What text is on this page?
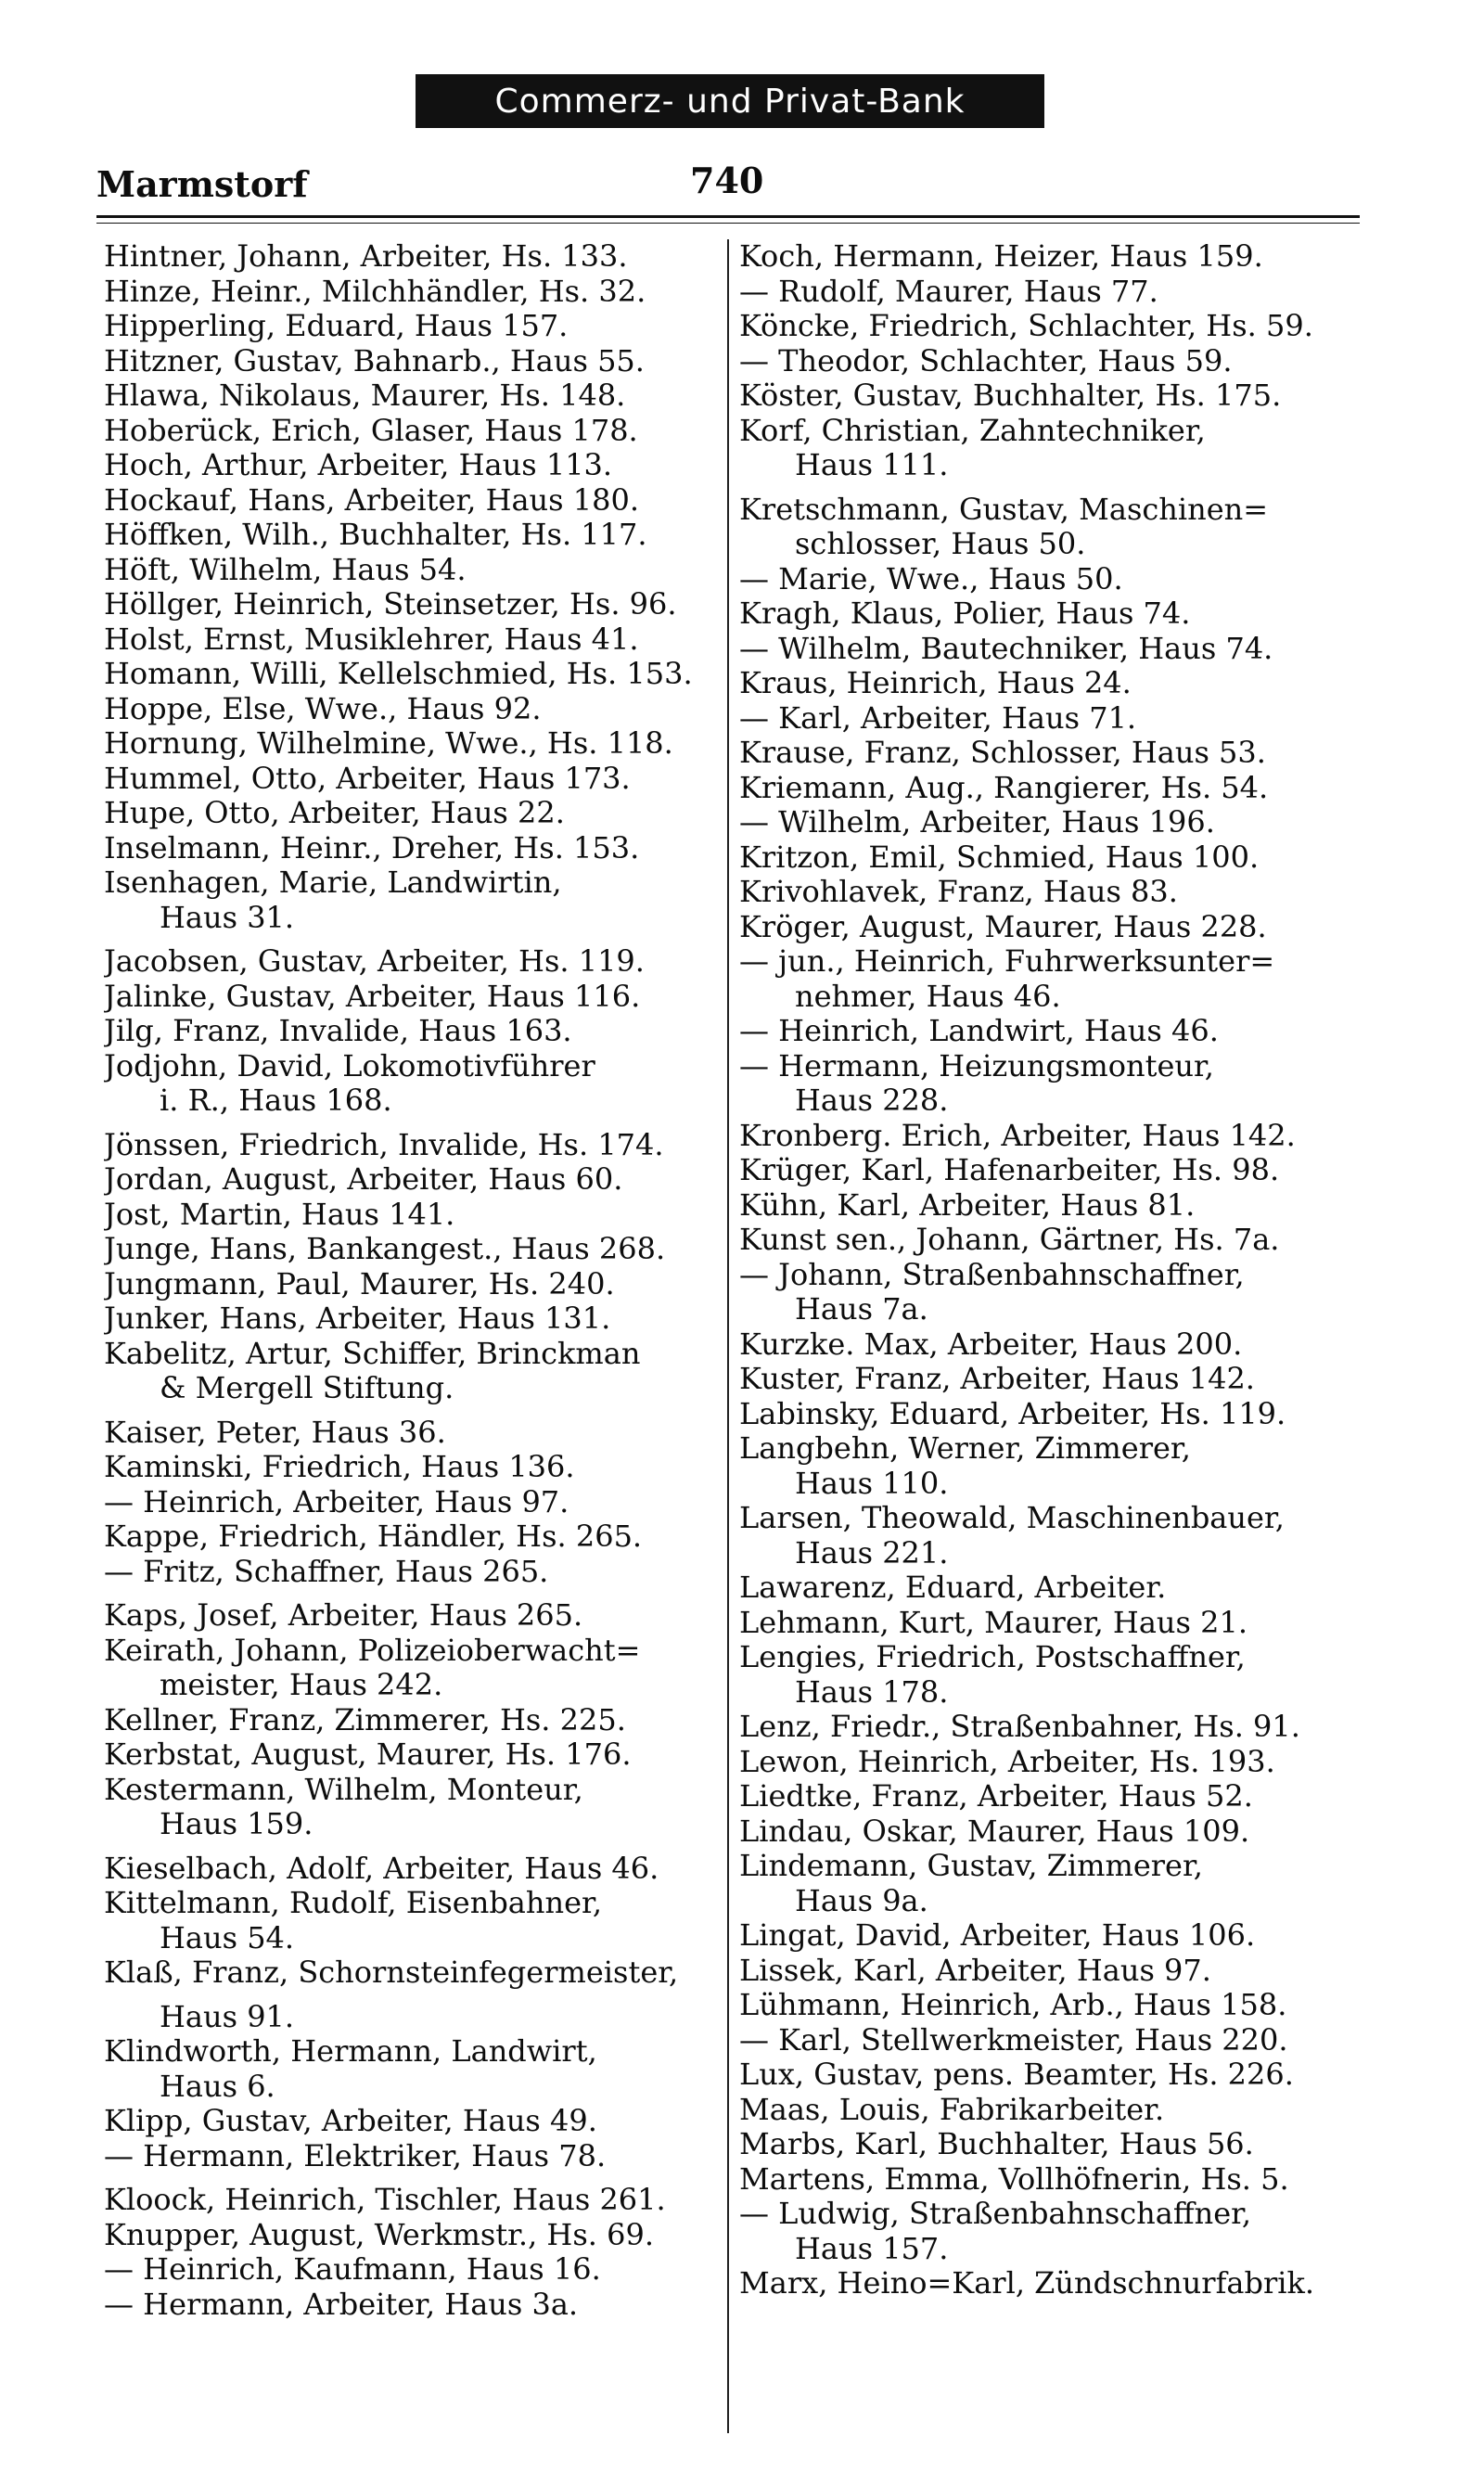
Commerz- und Privat-Bank
Marmstorf	740
Hintner, Johann, Arbeiter, Hs. 133.
Hinze, Heinr., Milchhändler, Hs. 32.
Hipperling, Eduard, Haus 157.
Hitzner, Gustav, Bahnarb., Haus 55.
Hlawa, Nikolaus, Maurer, Hs. 148.
Hoberück, Erich, Glaser, Haus 178.
Hoch, Arthur, Arbeiter, Haus 113.
Hockauf, Hans, Arbeiter, Haus 180.
Höffken, Wilh., Buchhalter, Hs. 117.
Höft, Wilhelm, Haus 54.
Höllger, Heinrich, Steinsetzer, Hs. 96.
Holst, Ernst, Musiklehrer, Haus 41.
Homann, Willi, Kellelschmied, Hs. 153.
Hoppe, Else, Wwe., Haus 92.
Hornung, Wilhelmine, Wwe., Hs. 118.
Hummel, Otto, Arbeiter, Haus 173.
Hupe, Otto, Arbeiter, Haus 22.
Inselmann, Heinr., Dreher, Hs. 153.
Isenhagen, Marie, Landwirtin,
Haus 31.
Jacobsen, Gustav, Arbeiter, Hs. 119.
Jalinke, Gustav, Arbeiter, Haus 116.
Jilg, Franz, Invalide, Haus 163.
Jodjohn, David, Lokomotivführer
i. R., Haus 168.
Jönssen, Friedrich, Invalide, Hs. 174.
Jordan, August, Arbeiter, Haus 60.
Jost, Martin, Haus 141.
Junge, Hans, Bankangest., Haus 268.
Jungmann, Paul, Maurer, Hs. 240.
Junker, Hans, Arbeiter, Haus 131.
Kabelitz, Artur, Schiffer, Brinckman
& Mergell Stiftung.
Kaiser, Peter, Haus 36.
Kaminski, Friedrich, Haus 136.
— Heinrich, Arbeiter, Haus 97.
Kappe, Friedrich, Händler, Hs. 265.
— Fritz, Schaffner, Haus 265.
Kaps, Josef, Arbeiter, Haus 265.
Keirath, Johann, Polizeioberwacht=
meister, Haus 242.
Kellner, Franz, Zimmerer, Hs. 225.
Kerbstat, August, Maurer, Hs. 176.
Kestermann, Wilhelm, Monteur,
Haus 159.
Kieselbach, Adolf, Arbeiter, Haus 46.
Kittelmann, Rudolf, Eisenbahner,
Haus 54.
Klaß, Franz, Schornsteinfegermeister,
Haus 91.
Klindworth, Hermann, Landwirt,
Haus 6.
Klipp, Gustav, Arbeiter, Haus 49.
— Hermann, Elektriker, Haus 78.
Kloock, Heinrich, Tischler, Haus 261.
Knupper, August, Werkmstr., Hs. 69.
— Heinrich, Kaufmann, Haus 16.
— Hermann, Arbeiter, Haus 3a.
Koch, Hermann, Heizer, Haus 159.
— Rudolf, Maurer, Haus 77.
Köncke, Friedrich, Schlachter, Hs. 59.
— Theodor, Schlachter, Haus 59.
Köster, Gustav, Buchhalter, Hs. 175.
Korf, Christian, Zahntechniker,
Haus 111.
Kretschmann, Gustav, Maschinen=
schlosser, Haus 50.
— Marie, Wwe., Haus 50.
Kragh, Klaus, Polier, Haus 74.
— Wilhelm, Bautechniker, Haus 74.
Kraus, Heinrich, Haus 24.
— Karl, Arbeiter, Haus 71.
Krause, Franz, Schlosser, Haus 53.
Kriemann, Aug., Rangierer, Hs. 54.
— Wilhelm, Arbeiter, Haus 196.
Kritzon, Emil, Schmied, Haus 100.
Krivohlavek, Franz, Haus 83.
Kröger, August, Maurer, Haus 228.
— jun., Heinrich, Fuhrwerksunter=
nehmer, Haus 46.
— Heinrich, Landwirt, Haus 46.
— Hermann, Heizungsmonteur,
Haus 228.
Kronberg. Erich, Arbeiter, Haus 142.
Krüger, Karl, Hafenarbeiter, Hs. 98.
Kühn, Karl, Arbeiter, Haus 81.
Kunst sen., Johann, Gärtner, Hs. 7a.
— Johann, Straßenbahnschaffner,
Haus 7a.
Kurzke. Max, Arbeiter, Haus 200.
Kuster, Franz, Arbeiter, Haus 142.
Labinsky, Eduard, Arbeiter, Hs. 119.
Langbehn, Werner, Zimmerer,
Haus 110.
Larsen, Theowald, Maschinenbauer,
Haus 221.
Lawarenz, Eduard, Arbeiter.
Lehmann, Kurt, Maurer, Haus 21.
Lengies, Friedrich, Postschaffner,
Haus 178.
Lenz, Friedr., Straßenbahner, Hs. 91.
Lewon, Heinrich, Arbeiter, Hs. 193.
Liedtke, Franz, Arbeiter, Haus 52.
Lindau, Oskar, Maurer, Haus 109.
Lindemann, Gustav, Zimmerer,
Haus 9a.
Lingat, David, Arbeiter, Haus 106.
Lissek, Karl, Arbeiter, Haus 97.
Lühmann, Heinrich, Arb., Haus 158.
— Karl, Stellwerkmeister, Haus 220.
Lux, Gustav, pens. Beamter, Hs. 226.
Maas, Louis, Fabrikarbeiter.
Marbs, Karl, Buchhalter, Haus 56.
Martens, Emma, Vollhöfnerin, Hs. 5.
— Ludwig, Straßenbahnschaffner,
Haus 157.
Marx, Heino=Karl, Zündschnurfabrik.
